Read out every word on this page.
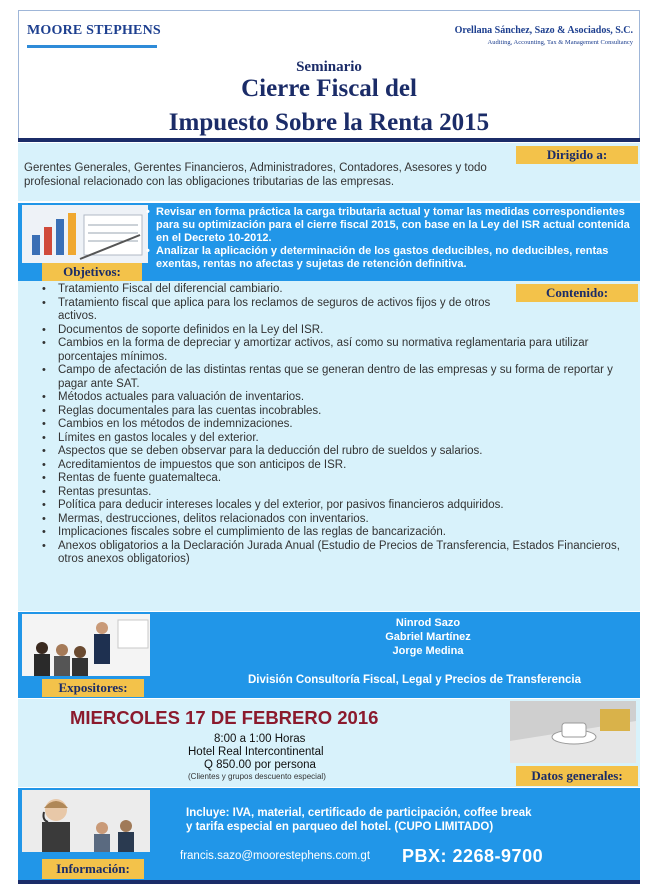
MOORE STEPHENS	Orellana Sánchez, Sazo & Asociados, S.C.
Auditing, Accounting, Tax & Management Consultancy
Seminario
Cierre Fiscal del
Impuesto Sobre la Renta 2015
Gerentes Generales, Gerentes Financieros, Administradores, Contadores, Asesores y todo profesional relacionado con las obligaciones tributarias de las empresas.
Dirigido a:
• Revisar en forma práctica la carga tributaria actual y tomar las medidas correspondientes para su optimización para el cierre fiscal 2015, con base en la Ley del ISR actual contenida en el Decreto 10-2012.
• Analizar la aplicación y determinación de los gastos deducibles, no deducibles, rentas exentas, rentas no afectas y sujetas de retención definitiva.
Objetivos:
• Tratamiento Fiscal del diferencial cambiario.
• Tratamiento fiscal que aplica para los reclamos de seguros de activos fijos y de otros activos.
• Documentos de soporte definidos en la Ley del ISR.
• Cambios en la forma de depreciar y amortizar activos, así como su normativa reglamentaria para utilizar porcentajes mínimos.
• Campo de afectación de las distintas rentas que se generan dentro de las empresas y su forma de reportar y pagar ante SAT.
• Métodos actuales para valuación de inventarios.
• Reglas documentales para las cuentas incobrables.
• Cambios en los métodos de indemnizaciones.
• Límites en gastos locales y del exterior.
• Aspectos que se deben observar para la deducción del rubro de sueldos y salarios.
• Acreditamientos de impuestos que son anticipos de ISR.
• Rentas de fuente guatemalteca.
• Rentas presuntas.
• Política para deducir intereses locales y del exterior, por pasivos financieros adquiridos.
• Mermas, destrucciones, delitos relacionados con inventarios.
• Implicaciones fiscales sobre el cumplimiento de las reglas de bancarización.
• Anexos obligatorios a la Declaración Jurada Anual (Estudio de Precios de Transferencia, Estados Financieros, otros anexos obligatorios)
Contenido:
Ninrod Sazo
Gabriel Martínez
Jorge Medina
División Consultoría Fiscal, Legal y Precios de Transferencia
Expositores:
MIERCOLES 17 DE FEBRERO 2016
8:00 a 1:00 Horas
Hotel Real Intercontinental
Q 850.00 por persona
(Clientes y grupos descuento especial)	Datos generales:
Incluye: IVA, material, certificado de participación, coffee break
y tarifa especial en parqueo del hotel. (CUPO LIMITADO)
francis.sazo@moorestephens.com.gt PBX: 2268-9700
Información:
